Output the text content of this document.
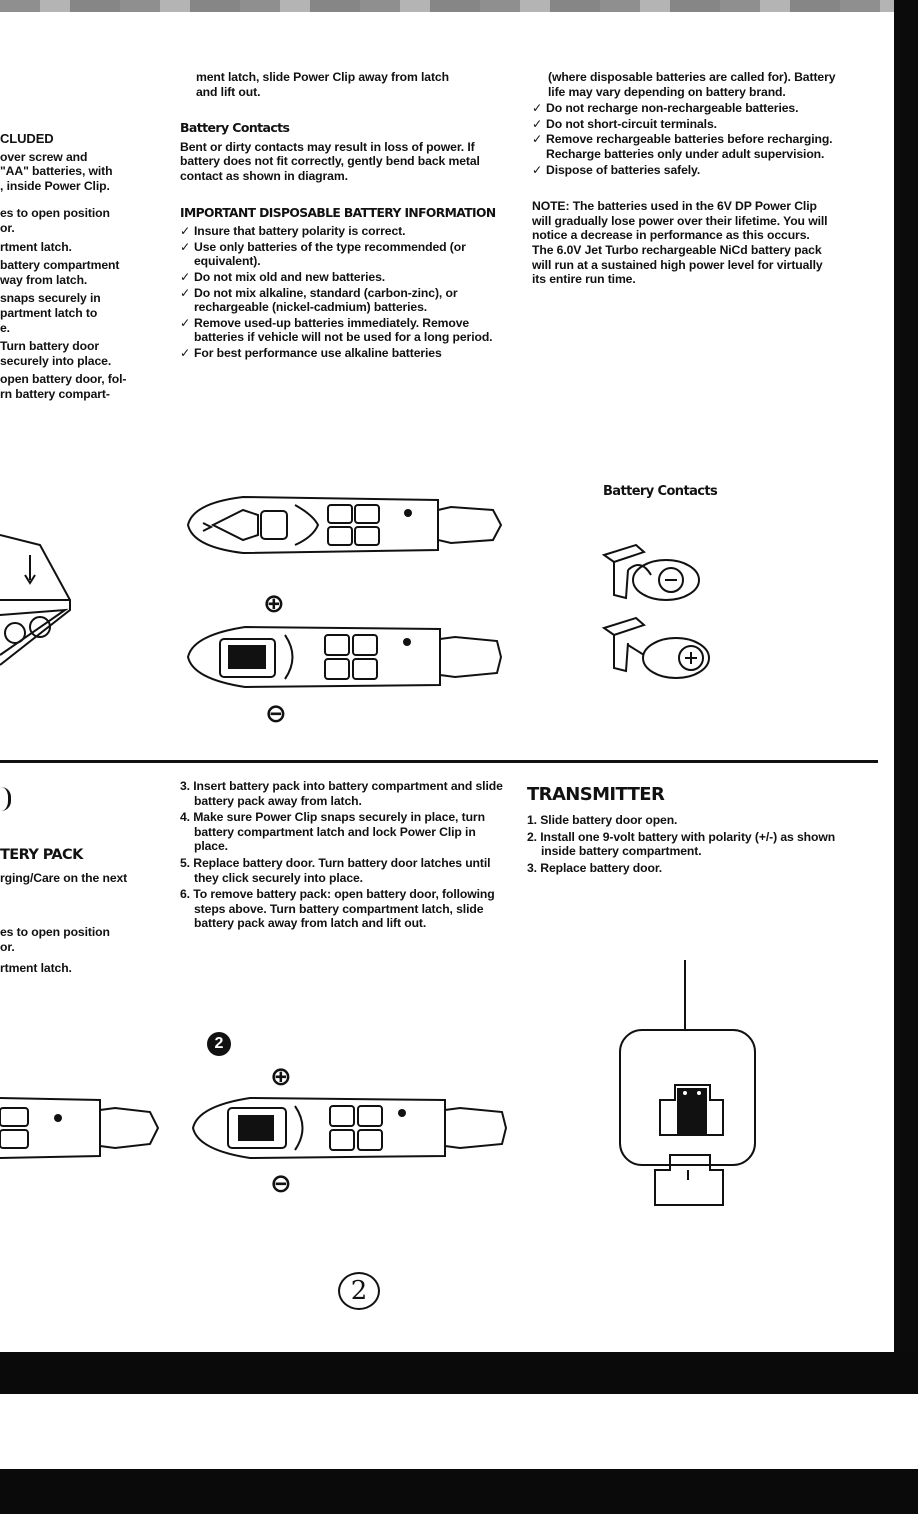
CLUDED
over screw and
"AA" batteries, with
, inside Power Clip.
es to open position
or.
rtment latch.
battery compartment
way from latch.
snaps securely in
partment latch to
e.
Turn battery door
securely into place.
open battery door, fol-
rn battery compart-
ment latch, slide Power Clip away from latch
and lift out.
Battery Contacts
Bent or dirty contacts may result in loss of power. If battery does not fit correctly, gently bend back metal contact as shown in diagram.
IMPORTANT DISPOSABLE BATTERY INFORMATION
✓ Insure that battery polarity is correct.
✓ Use only batteries of the type recommended (or equivalent).
✓ Do not mix old and new batteries.
✓ Do not mix alkaline, standard (carbon-zinc), or rechargeable (nickel-cadmium) batteries.
✓ Remove used-up batteries immediately. Remove batteries if vehicle will not be used for a long period.
✓ For best performance use alkaline batteries
(where disposable batteries are called for). Battery life may vary depending on battery brand.
✓ Do not recharge non-rechargeable batteries.
✓ Do not short-circuit terminals.
✓ Remove rechargeable batteries before recharging. Recharge batteries only under adult supervision.
✓ Dispose of batteries safely.
NOTE: The batteries used in the 6V DP Power Clip will gradually lose power over their lifetime. You will notice a decrease in performance as this occurs. The 6.0V Jet Turbo rechargeable NiCd battery pack will run at a sustained high power level for virtually its entire run time.
⊕
⊖
Battery Contacts
TERY PACK
rging/Care on the next
es to open position
or.
rtment latch.
3. Insert battery pack into battery compartment and slide battery pack away from latch.
4. Make sure Power Clip snaps securely in place, turn battery compartment latch and lock Power Clip in place.
5. Replace battery door. Turn battery door latches until they click securely into place.
6. To remove battery pack: open battery door, following steps above. Turn battery compartment latch, slide battery pack away from latch and lift out.
2
⊕
⊖
TRANSMITTER
1. Slide battery door open.
2. Install one 9-volt battery with polarity (+/-) as shown inside battery compartment.
3. Replace battery door.
2
